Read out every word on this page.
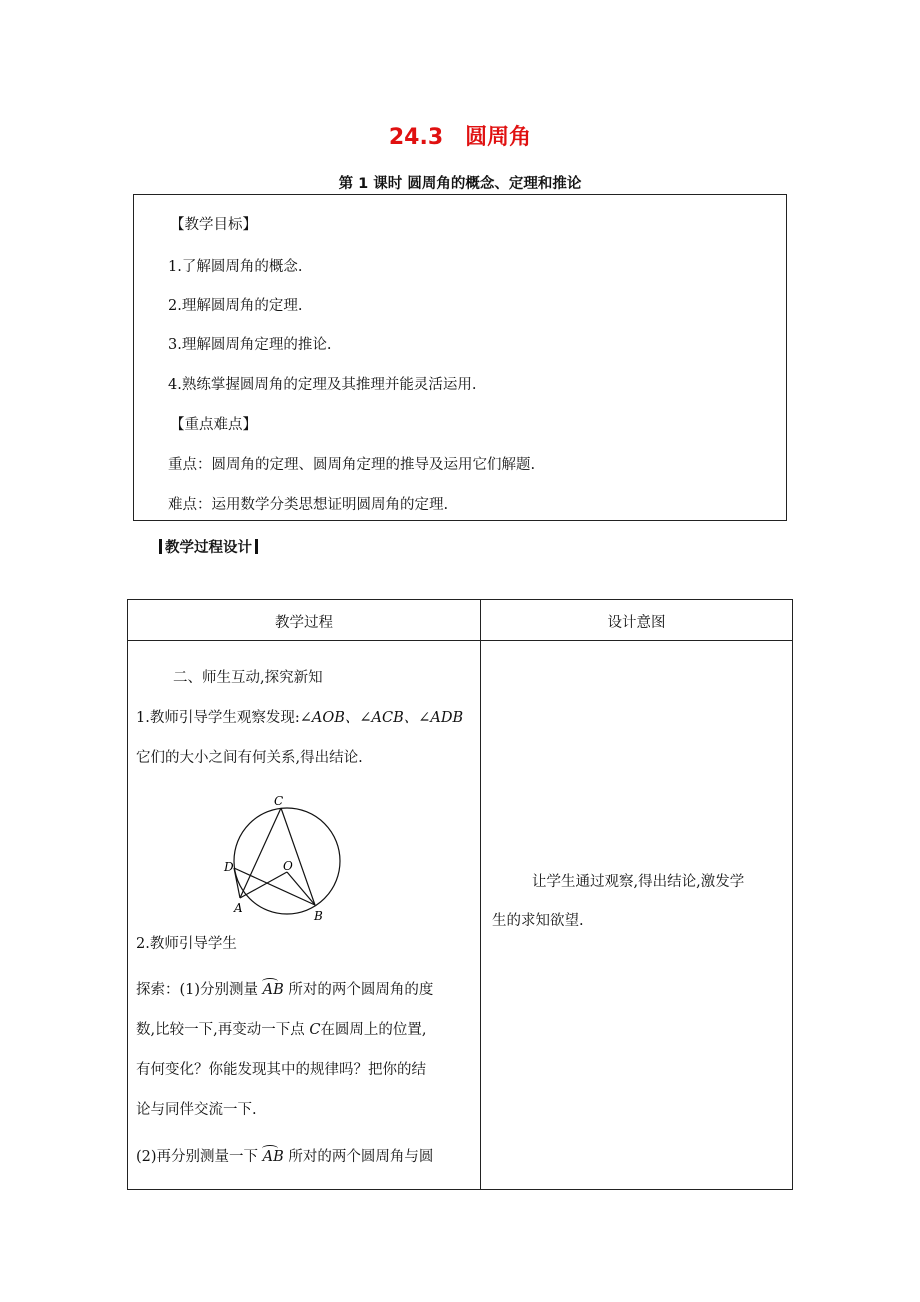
24.3　圆周角
第 1 课时 圆周角的概念、定理和推论
【教学目标】
1.了解圆周角的概念.
2.理解圆周角的定理.
3.理解圆周角定理的推论.
4.熟练掌握圆周角的定理及其推理并能灵活运用.
【重点难点】
重点：圆周角的定理、圆周角定理的推导及运用它们解题.
难点：运用数学分类思想证明圆周角的定理.
教学过程设计
教学过程	设计意图
二、师生互动,探究新知
1.教师引导学生观察发现:∠AOB、∠ACB、∠ADB
它们的大小之间有何关系,得出结论.
C
O
D
A
B
2.教师引导学生
探索：(1)分别测量 AB 所对的两个圆周角的度
数,比较一下,再变动一下点 C在圆周上的位置,
有何变化？你能发现其中的规律吗？把你的结
论与同伴交流一下.
(2)再分别测量一下 AB 所对的两个圆周角与圆
让学生通过观察,得出结论,激发学
生的求知欲望.
